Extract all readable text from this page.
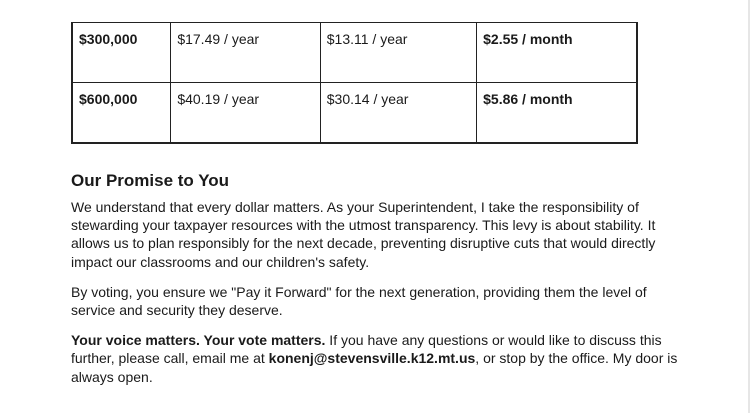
$300,000	$17.49 / year	$13.11 / year	$2.55 / month
$600,000	$40.19 / year	$30.14 / year	$5.86 / month
Our Promise to You

We understand that every dollar matters. As your Superintendent, I take the responsibility of stewarding your taxpayer resources with the utmost transparency. This levy is about stability. It allows us to plan responsibly for the next decade, preventing disruptive cuts that would directly impact our classrooms and our children's safety.

By voting, you ensure we "Pay it Forward" for the next generation, providing them the level of service and security they deserve.

Your voice matters. Your vote matters. If you have any questions or would like to discuss this further, please call, email me at konenj@stevensville.k12.mt.us, or stop by the office. My door is always open.
